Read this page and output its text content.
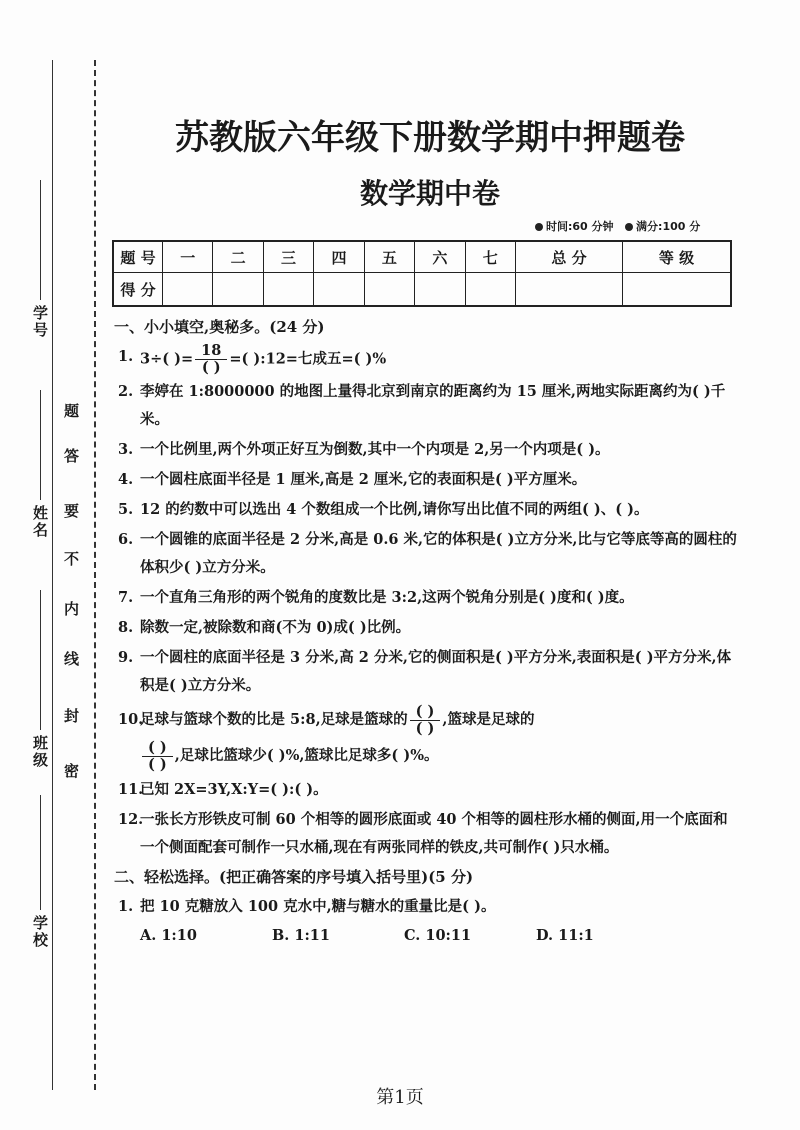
学号
姓名
班级
学校
题
答
要
不
内
线
封
密
苏教版六年级下册数学期中押题卷
数学期中卷
时间:60 分钟 满分:100 分
题 号	一	二	三	四	五	六	七	总 分	等 级
得 分									
一、小小填空,奥秘多。(24 分)
1. 3÷( )= $\frac{18}{( )}$ =( ):12=七成五=( )%
2. 李婷在 1:8000000 的地图上量得北京到南京的距离约为 15 厘米,两地实际距离约为( )千米。
3. 一个比例里,两个外项正好互为倒数,其中一个内项是 2,另一个内项是( )。
4. 一个圆柱底面半径是 1 厘米,高是 2 厘米,它的表面积是( )平方厘米。
5. 12 的约数中可以选出 4 个数组成一个比例,请你写出比值不同的两组( )、( )。
6. 一个圆锥的底面半径是 2 分米,高是 0.6 米,它的体积是( )立方分米,比与它等底等高的圆柱的体积少( )立方分米。
7. 一个直角三角形的两个锐角的度数比是 3:2,这两个锐角分别是( )度和( )度。
8. 除数一定,被除数和商(不为 0)成( )比例。
9. 一个圆柱的底面半径是 3 分米,高 2 分米,它的侧面积是( )平方分米,表面积是( )平方分米,体积是( )立方分米。
10.
足球与篮球个数的比是 5:8,足球是篮球的 $\frac{( )}{( )}$ ,篮球是足球的

$\frac{( )}{( )}$ ,足球比篮球少( )%,篮球比足球多( )%。
11.
已知 2X=3Y,X:Y=( ):( )。
12.
一张长方形铁皮可制 60 个相等的圆形底面或 40 个相等的圆柱形水桶的侧面,用一个底面和一个侧面配套可制作一只水桶,现在有两张同样的铁皮,共可制作( )只水桶。
二、轻松选择。(把正确答案的序号填入括号里)(5 分)
1. 把 10 克糖放入 100 克水中,糖与糖水的重量比是( )。
A. 1:10	B. 1:11	C. 10:11	D. 11:1
第1页
